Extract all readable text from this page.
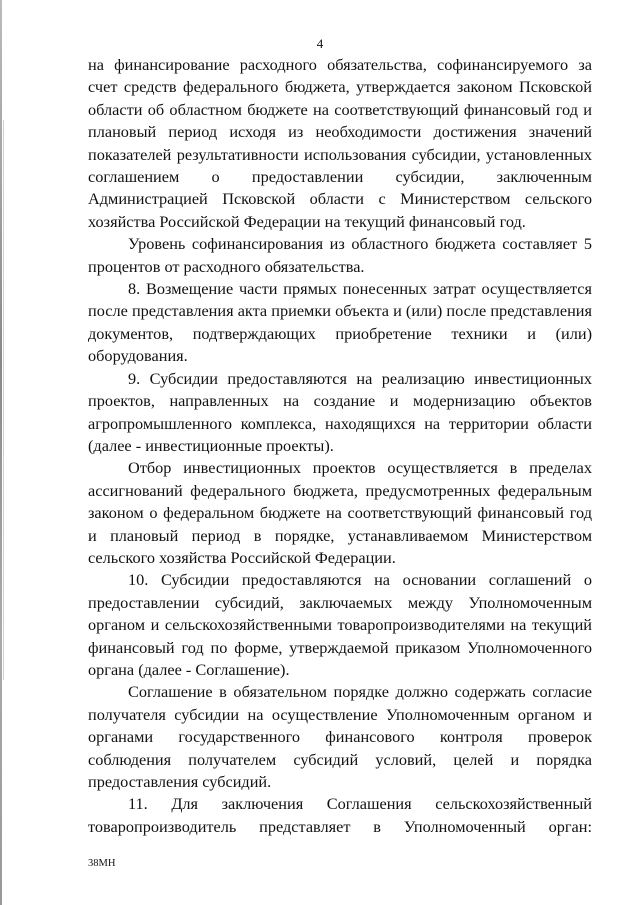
4

на финансирование расходного обязательства, софинансируемого за счет средств федерального бюджета, утверждается законом Псковской области об областном бюджете на соответствующий финансовый год и плановый период исходя из необходимости достижения значений показателей результативности использования субсидии, установленных соглашением о предоставлении субсидии, заключенным Администрацией Псковской области с Министерством сельского хозяйства Российской Федерации на текущий финансовый год.

Уровень софинансирования из областного бюджета составляет 5 процентов от расходного обязательства.

8. Возмещение части прямых понесенных затрат осуществляется после представления акта приемки объекта и (или) после представления документов, подтверждающих приобретение техники и (или) оборудования.

9. Субсидии предоставляются на реализацию инвестиционных проектов, направленных на создание и модернизацию объектов агропромышленного комплекса, находящихся на территории области (далее - инвестиционные проекты).

Отбор инвестиционных проектов осуществляется в пределах ассигнований федерального бюджета, предусмотренных федеральным законом о федеральном бюджете на соответствующий финансовый год и плановый период в порядке, устанавливаемом Министерством сельского хозяйства Российской Федерации.

10. Субсидии предоставляются на основании соглашений о предоставлении субсидий, заключаемых между Уполномоченным органом и сельскохозяйственными товаропроизводителями на текущий финансовый год по форме, утверждаемой приказом Уполномоченного органа (далее - Соглашение).

Соглашение в обязательном порядке должно содержать согласие получателя субсидии на осуществление Уполномоченным органом и органами государственного финансового контроля проверок соблюдения получателем субсидий условий, целей и порядка предоставления субсидий.

11. Для заключения Соглашения сельскохозяйственный товаропроизводитель представляет в Уполномоченный орган:

38МН
